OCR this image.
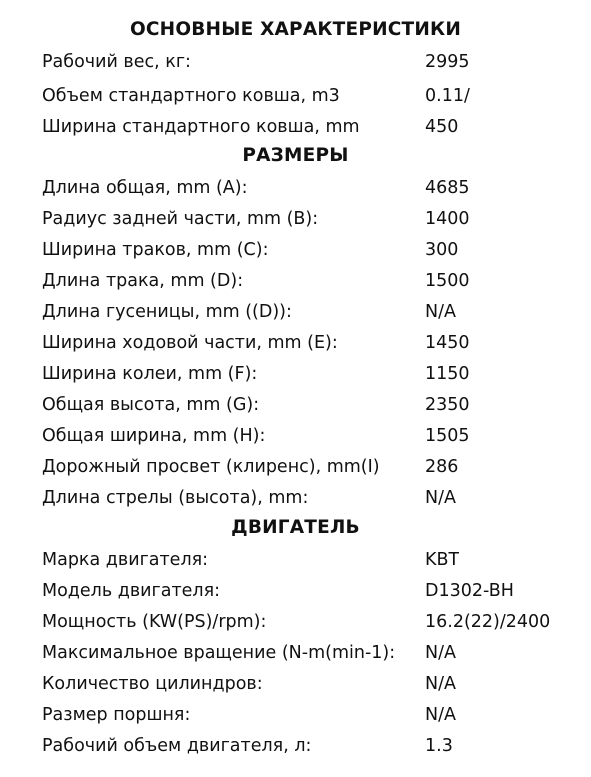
ОСНОВНЫЕ ХАРАКТЕРИСТИКИ
Рабочий вес, кг:	2995
Объем стандартного ковша, m3	0.11/
Ширина стандартного ковша, mm	450
РАЗМЕРЫ
Длина общая, mm (A):	4685
Радиус задней части, mm (B):	1400
Ширина траков, mm (C):	300
Длина трака, mm (D):	1500
Длина гусеницы, mm ((D)):	N/A
Ширина ходовой части, mm (E):	1450
Ширина колеи, mm (F):	1150
Общая высота, mm (G):	2350
Общая ширина, mm (H):	1505
Дорожный просвет (клиренс), mm(I)	286
Длина стрелы (высота), mm:	N/A
ДВИГАТЕЛЬ
Марка двигателя:	KBT
Модель двигателя:	D1302-BH
Мощность (KW(PS)/rpm):	16.2(22)/2400
Максимальное вращение (N-m(min-1): N/A
Количество цилиндров:	N/A
Размер поршня:	N/A
Рабочий объем двигателя, л:	1.3
